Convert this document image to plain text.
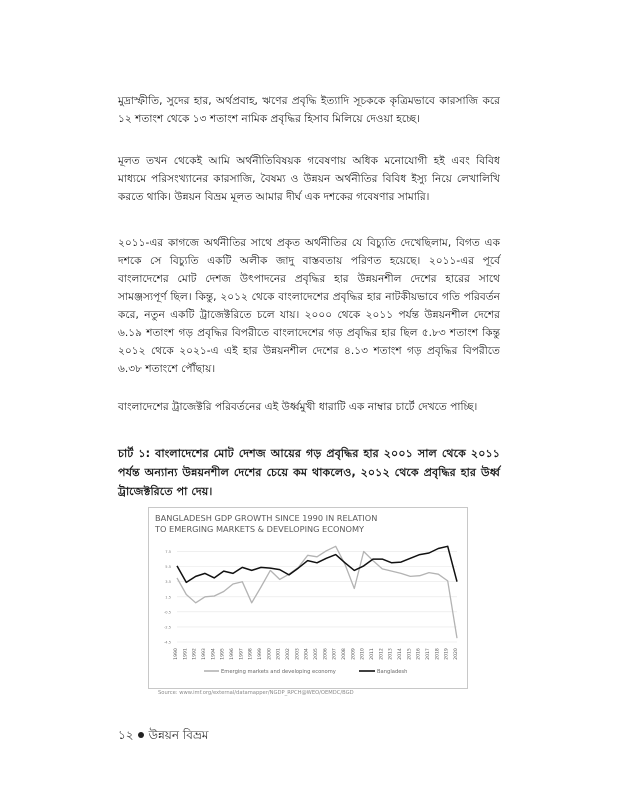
মুদ্রাস্ফীতি, সুদের হার, অর্থপ্রবাহ, ঋণের প্রবৃদ্ধি ইত্যাদি সূচককে কৃত্রিমভাবে কারসাজি করে ১২ শতাংশ থেকে ১৩ শতাংশ নামিক প্রবৃদ্ধির হিসাব মিলিয়ে দেওয়া হচ্ছে।

মূলত তখন থেকেই আমি অর্থনীতিবিষয়ক গবেষণায় অধিক মনোযোগী হই এবং বিবিধ মাধ্যমে পরিসংখ্যানের কারসাজি, বৈষম্য ও উন্নয়ন অর্থনীতির বিবিধ ইস্যু নিয়ে লেখালিখি করতে থাকি। উন্নয়ন বিভ্রম মূলত আমার দীর্ঘ এক দশকের গবেষণার সামারি।

২০১১-এর কাগজে অর্থনীতির সাথে প্রকৃত অর্থনীতির যে বিচ্যুতি দেখেছিলাম, বিগত এক দশকে সে বিচ্যুতি একটি অলীক জাদু বাস্তবতায় পরিণত হয়েছে। ২০১১-এর পূর্বে বাংলাদেশের মোট দেশজ উৎপাদনের প্রবৃদ্ধির হার উন্নয়নশীল দেশের হারের সাথে সামঞ্জস্যপূর্ণ ছিল। কিন্তু, ২০১২ থেকে বাংলাদেশের প্রবৃদ্ধির হার নাটকীয়ভাবে গতি পরিবর্তন করে, নতুন একটি ট্রাজেক্টরিতে চলে যায়। ২০০০ থেকে ২০১১ পর্যন্ত উন্নয়নশীল দেশের ৬.১৯ শতাংশ গড় প্রবৃদ্ধির বিপরীতে বাংলাদেশের গড় প্রবৃদ্ধির হার ছিল ৫.৮৩ শতাংশ কিন্তু ২০১২ থেকে ২০২১-এ এই হার উন্নয়নশীল দেশের ৪.১৩ শতাংশ গড় প্রবৃদ্ধির বিপরীতে ৬.৩৮ শতাংশে পৌঁছায়।

বাংলাদেশের ট্রাজেক্টরি পরিবর্তনের এই উর্ধ্বমুখী ধারাটি এক নাম্বার চার্টে দেখতে পাচ্ছি।

চার্ট ১: বাংলাদেশের মোট দেশজ আয়ের গড় প্রবৃদ্ধির হার ২০০১ সাল থেকে ২০১১ পর্যন্ত অন্যান্য উন্নয়নশীল দেশের চেয়ে কম থাকলেও, ২০১২ থেকে প্রবৃদ্ধির হার উর্ধ্ব ট্রাজেক্টরিতে পা দেয়।

BANGLADESH GDP GROWTH SINCE 1990 IN RELATION
TO EMERGING MARKETS & DEVELOPING ECONOMY
7.5
5.5
3.5
1.5
-0.5
-2.5
-4.5
1990 1991 1992 1993 1994 1995 1996 1997 1998 1999 2000 2001 2002 2003 2004 2005 2006 2007 2008 2009 2010 2011 2012 2013 2014 2015 2016 2017 2018 2019 2020
Emerging markets and developing economy	Bangladesh
Source: www.imf.org/external/datamapper/NGDP_RPCH@WEO/OEMDC/BGD
১২ উন্নয়ন বিভ্রম
